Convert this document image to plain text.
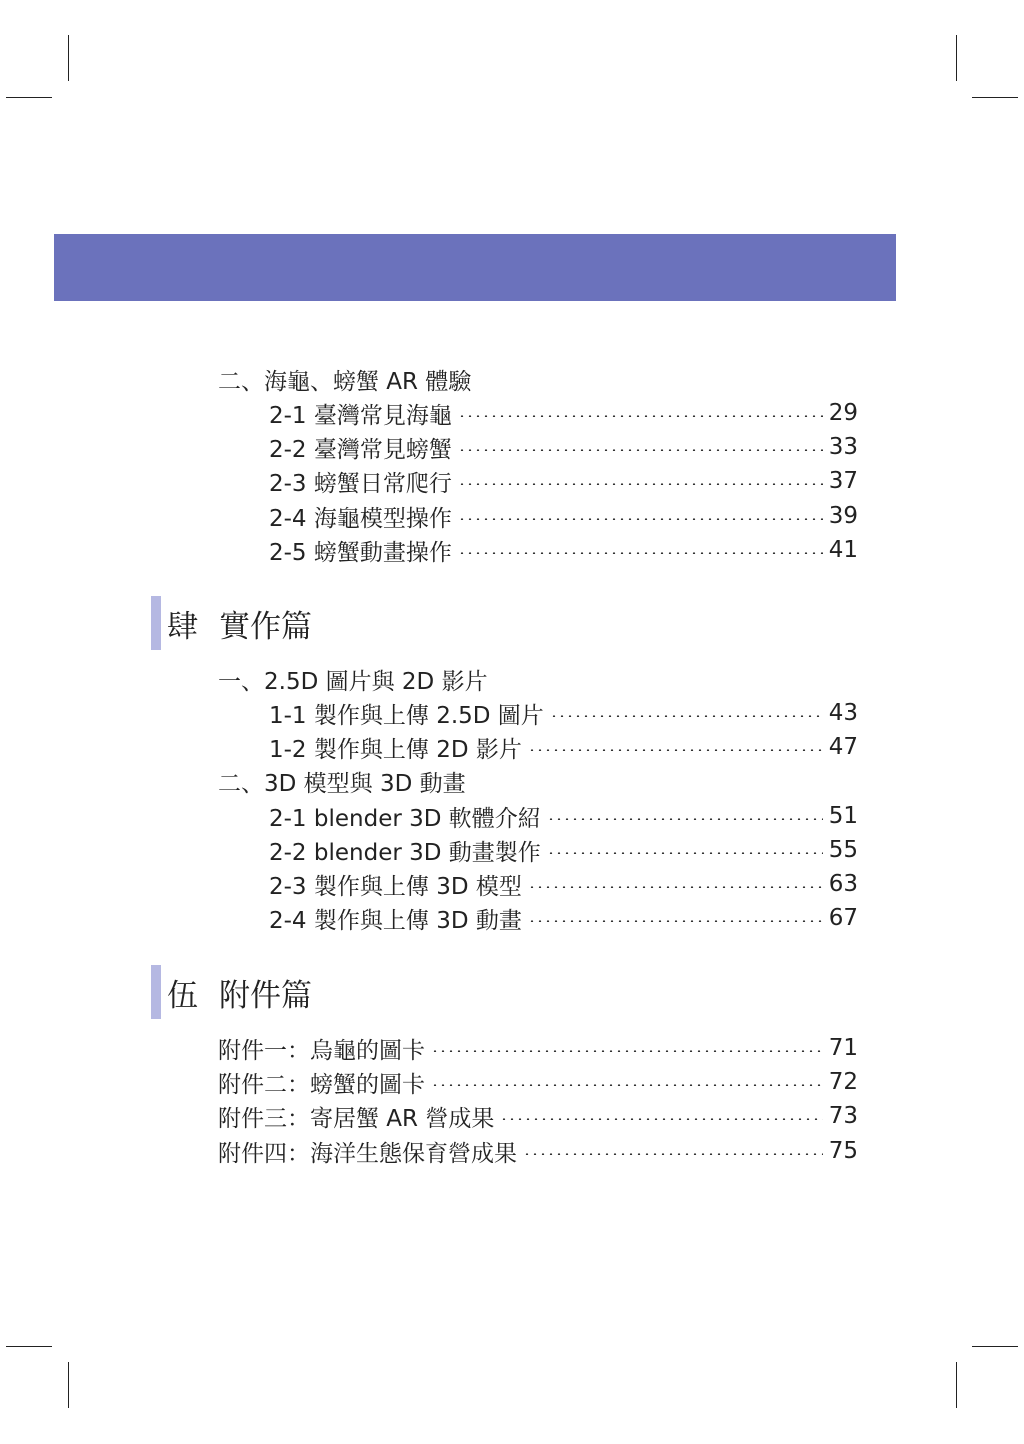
二、海龜、螃蟹 AR 體驗
2-1 臺灣常見海龜	29
2-2 臺灣常見螃蟹	33
2-3 螃蟹日常爬行	37
2-4 海龜模型操作	39
2-5 螃蟹動畫操作	41
肆 實作篇
一、2.5D 圖片與 2D 影片
1-1 製作與上傳 2.5D 圖片	43
1-2 製作與上傳 2D 影片	47
二、3D 模型與 3D 動畫
2-1 blender 3D 軟體介紹	51
2-2 blender 3D 動畫製作	55
2-3 製作與上傳 3D 模型	63
2-4 製作與上傳 3D 動畫	67
伍 附件篇
附件一：烏龜的圖卡	71
附件二：螃蟹的圖卡	72
附件三：寄居蟹 AR 營成果	73
附件四：海洋生態保育營成果	75
